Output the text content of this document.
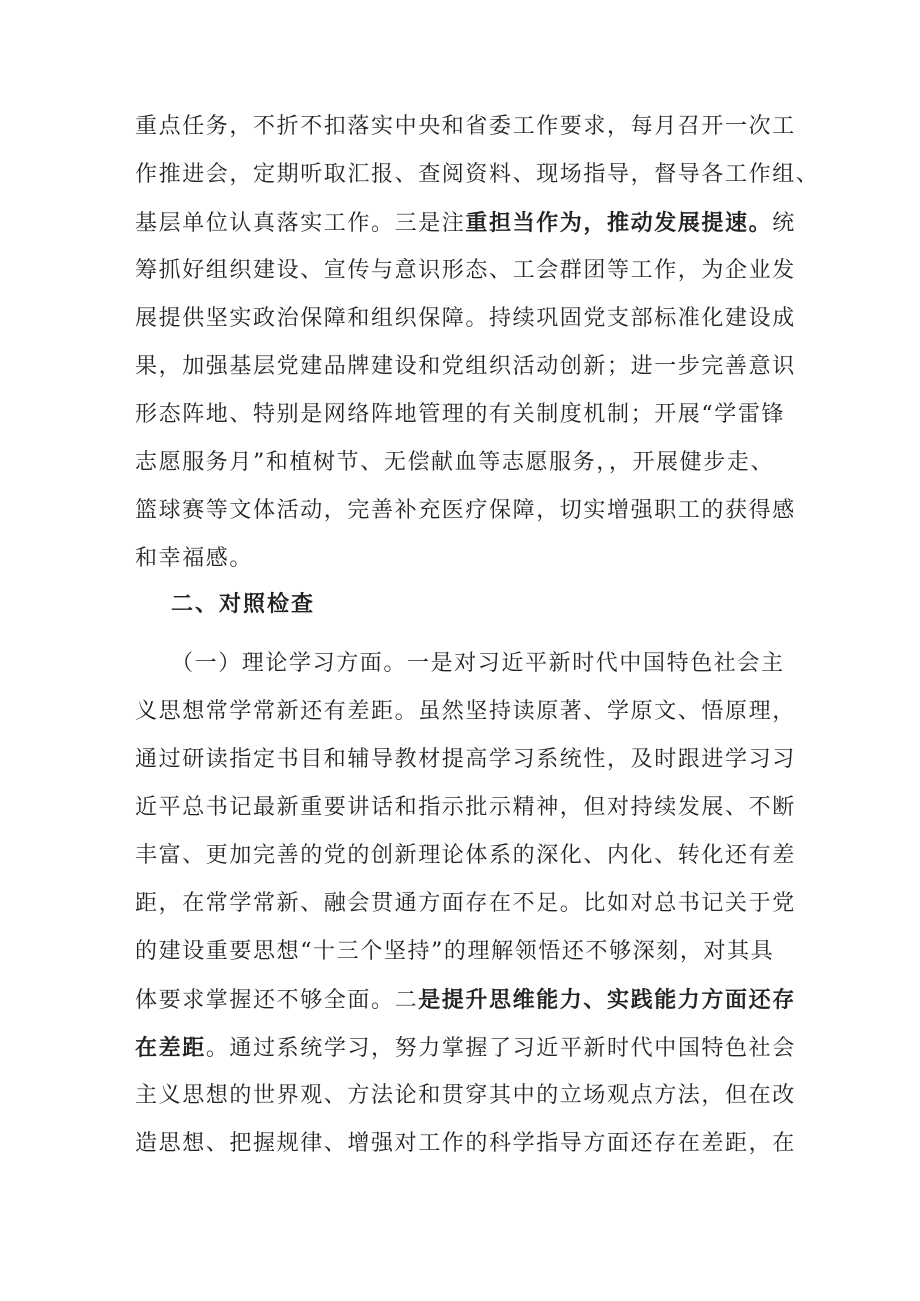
重点任务，不折不扣落实中央和省委工作要求，每月召开一次工
作推进会，定期听取汇报、查阅资料、现场指导，督导各工作组、
基层单位认真落实工作。三是注重担当作为，推动发展提速。统
筹抓好组织建设、宣传与意识形态、工会群团等工作，为企业发
展提供坚实政治保障和组织保障。持续巩固党支部标准化建设成
果，加强基层党建品牌建设和党组织活动创新；进一步完善意识
形态阵地、特别是网络阵地管理的有关制度机制；开展“学雷锋
志愿服务月”和植树节、无偿献血等志愿服务，，开展健步走、
篮球赛等文体活动，完善补充医疗保障，切实增强职工的获得感
和幸福感。
二、对照检查
（一）理论学习方面。一是对习近平新时代中国特色社会主
义思想常学常新还有差距。虽然坚持读原著、学原文、悟原理，
通过研读指定书目和辅导教材提高学习系统性，及时跟进学习习
近平总书记最新重要讲话和指示批示精神，但对持续发展、不断
丰富、更加完善的党的创新理论体系的深化、内化、转化还有差
距，在常学常新、融会贯通方面存在不足。比如对总书记关于党
的建设重要思想“十三个坚持”的理解领悟还不够深刻，对其具
体要求掌握还不够全面。二是提升思维能力、实践能力方面还存
在差距。通过系统学习，努力掌握了习近平新时代中国特色社会
主义思想的世界观、方法论和贯穿其中的立场观点方法，但在改
造思想、把握规律、增强对工作的科学指导方面还存在差距，在
